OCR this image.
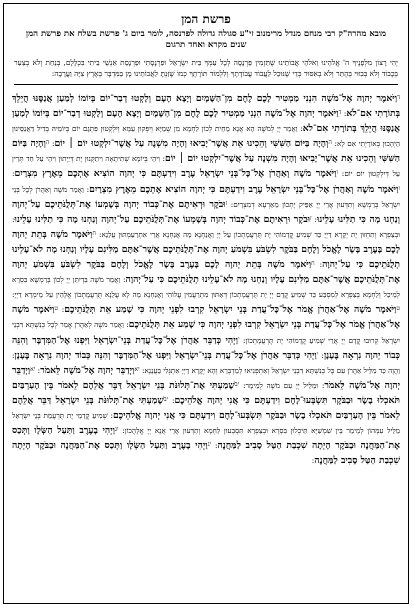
פרשת המן
מובא מהרה"ק רבי מנחם מנדל מרימנוב זי"ע סגולה גדולה לפרנסה, לומר ביום ג' פרשת בשלח את פרשת המן שנים מקרא ואחד תרגום
יְהִי רָצוֹן מִלְּפָנֶיךָ ה' אֱלֹהֵינוּ וֵאלֹהֵי אֲבוֹתֵינוּ שֶׁתַּזְמִין פַּרְנָסָה לְכָל עַמְּךָ בֵּית יִשְׂרָאֵל וּפַרְנָסָתִי וּפַרְנָסַת אַנְשֵׁי בֵיתִי בִּכְלָלָם, בְּנַחַת וְלֹא בְצַעַר בְּכָבוֹד וְלֹא בְּבִזּוּי בְּהֶתֵּר וְלֹא בְאִסּוּר כְּדֵי שֶׁנּוּכַל לַעֲבוֹד עֲבוֹדָתֶךָ וְלִלְמוֹד תּוֹרָתֶךָ כְּמוֹ שֶׁזַּנְתָּ לַאֲבוֹתֵינוּ מָן בַּמִּדְבָּר בְּאֶרֶץ צִיָּה וַעֲרָבָה:
דוַיֹּאמֶר יְהוָה אֶל־מֹשֶׁה הִנְנִי מַמְטִיר לָכֶם לֶחֶם מִן־הַשָּׁמָיִם וְיָצָא הָעָם וְלָקְטוּ דְבַר־יוֹם בְּיוֹמוֹ לְמַעַן אֲנַסֶּנּוּ הֲיֵלֵךְ בְּתוֹרָתִי אִם־לֹא: דוַיֹּאמֶר יְהוָה אֶל־מֹשֶׁה הִנְנִי מַמְטִיר לָכֶם לֶחֶם מִן־הַשָּׁמָיִם וְיָצָא הָעָם וְלָקְטוּ דְבַר־יוֹם בְּיוֹמוֹ לְמַעַן אֲנַסֶּנּוּ הֲיֵלֵךְ בְּתוֹרָתִי אִם־לֹא: וַאֲמַר יְיָ לְמֹשֶׁה הָא אֲנָא מַחֵית לְכוֹן לַחְמָא מִן שְׁמַיָּא וְיִפְּקוּן עַמָּא וְיִלְקְטוּן פִּתְגָם יוֹם בְּיוֹמֵיהּ בְּדִיל דַּאֲנַסֵּינוּן הַיְהָכוּן בְּאוֹרָיְתִי אִם לָא: הוְהָיָה בַּיּוֹם הַשִּׁשִּׁי וְהֵכִינוּ אֵת אֲשֶׁר־יָבִיאוּ וְהָיָה מִשְׁנֶה עַל אֲשֶׁר־יִלְקְטוּ יוֹם ׀ יוֹם: הוְהָיָה בַּיּוֹם הַשִּׁשִּׁי וְהֵכִינוּ אֵת אֲשֶׁר־יָבִיאוּ וְהָיָה מִשְׁנֶה עַל אֲשֶׁר־יִלְקְטוּ יוֹם ׀ יוֹם: וִיהֵי בְּיוֹמָא שְׁתִיתָאָה וִיתַקְּנוּן יָת דְּיַיְתוּן וִיהֵי עַל חַד תְּרֵין עַל דְּיִלְקְטוּן יוֹם יוֹם: ווַיֹּאמֶר מֹשֶׁה וְאַהֲרֹן אֶל־כָּל־בְּנֵי יִשְׂרָאֵל עֶרֶב וִידַעְתֶּם כִּי יְהוָה הוֹצִיא אֶתְכֶם מֵאֶרֶץ מִצְרָיִם: ווַיֹּאמֶר מֹשֶׁה וְאַהֲרֹן אֶל־כָּל־בְּנֵי יִשְׂרָאֵל עֶרֶב וִידַעְתֶּם כִּי יְהוָה הוֹצִיא אֶתְכֶם מֵאֶרֶץ מִצְרָיִם: וַאֲמַר מֹשֶׁה וְאַהֲרֹן לְכָל בְּנֵי יִשְׂרָאֵל בְּרַמְשָׁא וְתִדְּעוּן אֲרֵי יְיָ אַפֵּיק יָתְכוֹן מֵאַרְעָא דְמִצְרָיִם: זוּבֹקֶר וּרְאִיתֶם אֶת־כְּבוֹד יְהוָה בְּשָׁמְעוֹ אֶת־תְּלֻנֹּתֵיכֶם עַל־יְהוָה וְנַחְנוּ מָה כִּי תַלִּינוּ עָלֵינוּ: זוּבֹקֶר וּרְאִיתֶם אֶת־כְּבוֹד יְהוָה בְּשָׁמְעוֹ אֶת־תְּלֻנֹּתֵיכֶם עַל־יְהוָה וְנַחְנוּ מָה כִּי תַלִּינוּ עָלֵינוּ: וּבְצַפְרָא וְתִחְזוּן יָת יְקָרָא דַיְיָ כַּד שְׁמִיעַ קֳדָמוֹהִי יָת תֻּרְעֲמָתְכוֹן עַל יְיָ וַאֲנַחְנָא מָה אֲנַחְנָא אֲרֵי אִתְרַעַמְתּוּן עֲלַנָא: חוַיֹּאמֶר מֹשֶׁה בְּתֵת יְהוָה לָכֶם בָּעֶרֶב בָּשָׂר לֶאֱכֹל וְלֶחֶם בַּבֹּקֶר לִשְׂבֹּעַ בִּשְׁמֹעַ יְהוָה אֶת־תְּלֻנֹּתֵיכֶם אֲשֶׁר־אַתֶּם מַלִּינִם עָלָיו וְנַחְנוּ מָה לֹא־עָלֵינוּ תְלֻנֹּתֵיכֶם כִּי עַל־יְהוָה: חוַיֹּאמֶר מֹשֶׁה בְּתֵת יְהוָה לָכֶם בָּעֶרֶב בָּשָׂר לֶאֱכֹל וְלֶחֶם בַּבֹּקֶר לִשְׂבֹּעַ בִּשְׁמֹעַ יְהוָה אֶת־תְּלֻנֹּתֵיכֶם אֲשֶׁר־אַתֶּם מַלִּינִם עָלָיו וְנַחְנוּ מָה לֹא־עָלֵינוּ תְלֻנֹּתֵיכֶם כִּי עַל־יְהוָה: וַאֲמַר מֹשֶׁה בִּדְיִתֵּן יְיָ לְכוֹן בְּרַמְשָׁא בִּסְרָא לְמֵיכַל וְלַחְמָא בְּצַפְרָא לְמִסְבַּע כַּד שְׁמִיעַ קֳדָם יְיָ יָת תֻּרְעֲמָתְכוֹן דְּאַתּוּן מִתְרַעֲמִין עֲלוֹהִי וַאֲנַחְנָא מָה לָא עֲלַנָא תֻּרְעֲמָתְכוֹן אֱלָהֵין עַל מֵימְרָא דַיְיָ: טוַיֹּאמֶר מֹשֶׁה אֶל־אַהֲרֹן אֱמֹר אֶל־כָּל־עֲדַת בְּנֵי יִשְׂרָאֵל קִרְבוּ לִפְנֵי יְהוָה כִּי שָׁמַע אֵת תְּלֻנֹּתֵיכֶם: טוַיֹּאמֶר מֹשֶׁה אֶל־אַהֲרֹן אֱמֹר אֶל־כָּל־עֲדַת בְּנֵי יִשְׂרָאֵל קִרְבוּ לִפְנֵי יְהוָה כִּי שָׁמַע אֵת תְּלֻנֹּתֵיכֶם: וַאֲמַר מֹשֶׁה לְאַהֲרֹן אֱמַר לְכָל כְּנִשְׁתָּא דִּבְנֵי יִשְׂרָאֵל קְרוּבוּ קֳדָם יְיָ אֲרֵי שְׁמִיעַ קֳדָמוֹהִי יָת תֻּרְעֲמָתְכוֹן: יוַיְהִי כְּדַבֵּר אַהֲרֹן אֶל־כָּל־עֲדַת בְּנֵי־יִשְׂרָאֵל וַיִּפְנוּ אֶל־הַמִּדְבָּר וְהִנֵּה כְּבוֹד יְהוָה נִרְאָה בֶּעָנָן: יוַיְהִי כְּדַבֵּר אַהֲרֹן אֶל־כָּל־עֲדַת בְּנֵי־יִשְׂרָאֵל וַיִּפְנוּ אֶל־הַמִּדְבָּר וְהִנֵּה כְּבוֹד יְהוָה נִרְאָה בֶּעָנָן: וַהֲוָה כַּד מַלֵּיל אַהֲרֹן עִם כָּל כְּנִשְׁתָּא דִּבְנֵי יִשְׂרָאֵל וְאִתְפְּנִיאוּ לְמַדְבְּרָא וְהָא יְקָרָא דַיְיָ אִתְגְּלִי בַּעֲנָנָא: יאוַיְדַבֵּר יְהוָה אֶל־מֹשֶׁה לֵּאמֹר: יאוַיְדַבֵּר יְהוָה אֶל־מֹשֶׁה לֵּאמֹר: וּמַלֵּיל יְיָ עִם מֹשֶׁה לְמֵימָר: יבשָׁמַעְתִּי אֶת־תְּלוּנֹּת בְּנֵי יִשְׂרָאֵל דַּבֵּר אֲלֵהֶם לֵאמֹר בֵּין הָעַרְבַּיִם תֹּאכְלוּ בָשָׂר וּבַבֹּקֶר תִּשְׂבְּעוּ־לָחֶם וִידַעְתֶּם כִּי אֲנִי יְהוָה אֱלֹהֵיכֶם: יבשָׁמַעְתִּי אֶת־תְּלוּנֹּת בְּנֵי יִשְׂרָאֵל דַּבֵּר אֲלֵהֶם לֵאמֹר בֵּין הָעַרְבַּיִם תֹּאכְלוּ בָשָׂר וּבַבֹּקֶר תִּשְׂבְּעוּ־לָחֶם וִידַעְתֶּם כִּי אֲנִי יְהוָה אֱלֹהֵיכֶם: שְׁמִיעַ קֳדָמַי יָת תֻּרְעֲמַת בְּנֵי יִשְׂרָאֵל מַלֵּיל עִמְּהוֹן לְמֵימַר בֵּין שִׁמְשַׁיָּא תֵּיכְלוּן בִּסְרָא וּבְצַפְרָא תִּסְבְּעוּן לַחְמָא וְתִדְּעוּן אֲרֵי אֲנָא יְיָ אֱלָהֲכוֹן: יגוַיְהִי בָעֶרֶב וַתַּעַל הַשְּׂלָו וַתְּכַס אֶת־הַמַּחֲנֶה וּבַבֹּקֶר הָיְתָה שִׁכְבַת הַטַּל סָבִיב לַמַּחֲנֶה: יגוַיְהִי בָעֶרֶב וַתַּעַל הַשְּׂלָו וַתְּכַס אֶת־הַמַּחֲנֶה וּבַבֹּקֶר הָיְתָה שִׁכְבַת הַטַּל סָבִיב לַמַּחֲנֶה:
